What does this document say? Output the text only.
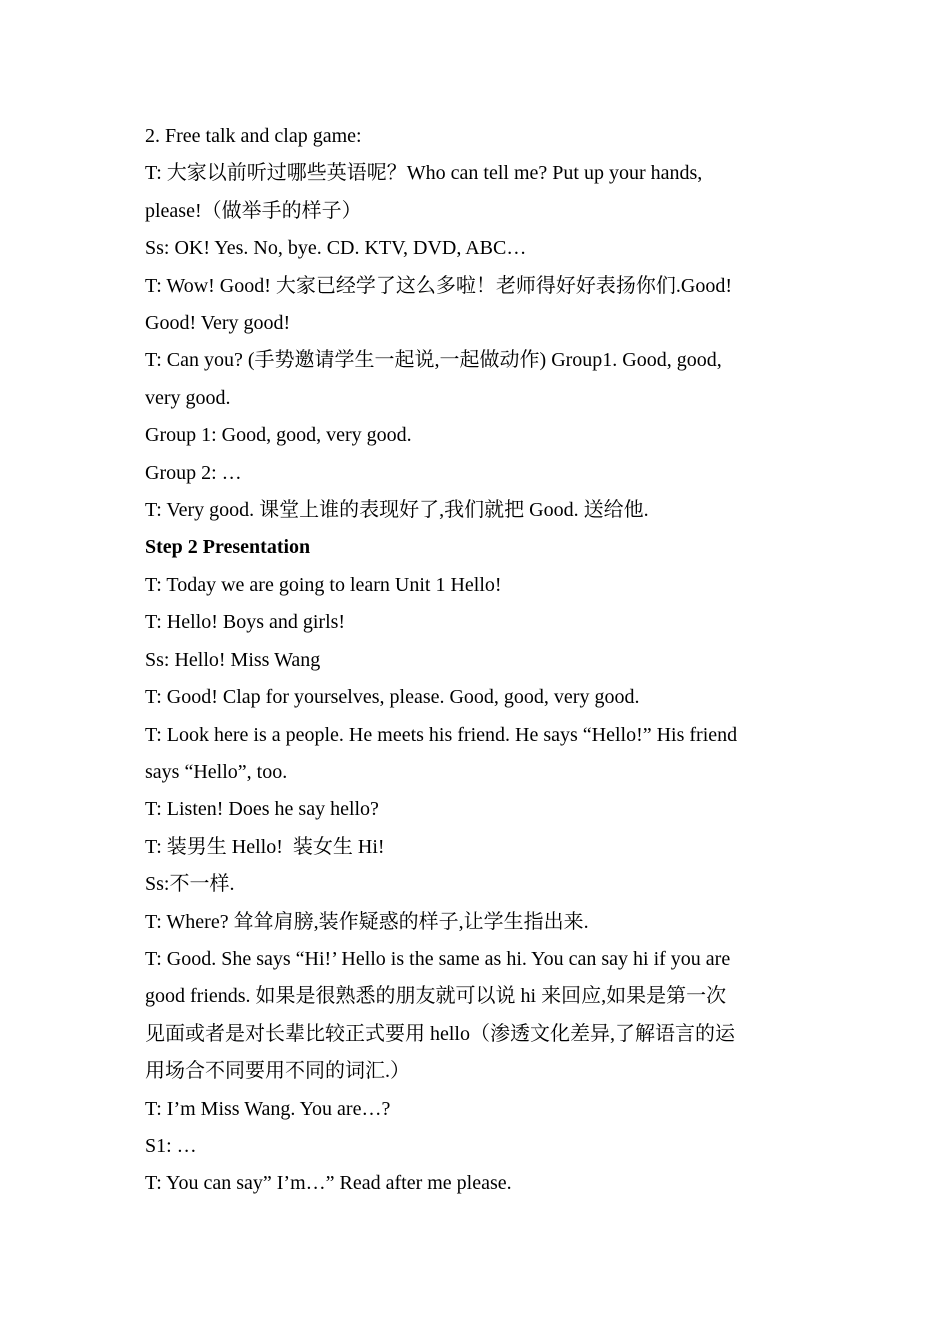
2. Free talk and clap game:

T: 大家以前听过哪些英语呢？Who can tell me? Put up your hands,

please!（做举手的样子）

Ss: OK! Yes. No, bye. CD. KTV, DVD, ABC…

T: Wow! Good! 大家已经学了这么多啦！老师得好好表扬你们.Good!

Good! Very good!

T: Can you? (手势邀请学生一起说,一起做动作) Group1. Good, good,

very good.

Group 1: Good, good, very good.

Group 2: …

T: Very good. 课堂上谁的表现好了,我们就把 Good. 送给他.

Step 2 Presentation

T: Today we are going to learn Unit 1 Hello!

T: Hello! Boys and girls!

Ss: Hello! Miss Wang

T: Good! Clap for yourselves, please. Good, good, very good.

T: Look here is a people. He meets his friend. He says “Hello!” His friend

says “Hello”, too.

T: Listen! Does he say hello?

T: 装男生 Hello!  装女生 Hi!

Ss:不一样.

T: Where? 耸耸肩膀,装作疑惑的样子,让学生指出来.

T: Good. She says “Hi!’ Hello is the same as hi. You can say hi if you are

good friends. 如果是很熟悉的朋友就可以说 hi 来回应,如果是第一次

见面或者是对长辈比较正式要用 hello（渗透文化差异,了解语言的运

用场合不同要用不同的词汇.）

T: I’m Miss Wang. You are…?

S1: …

T: You can say” I’m…” Read after me please.
